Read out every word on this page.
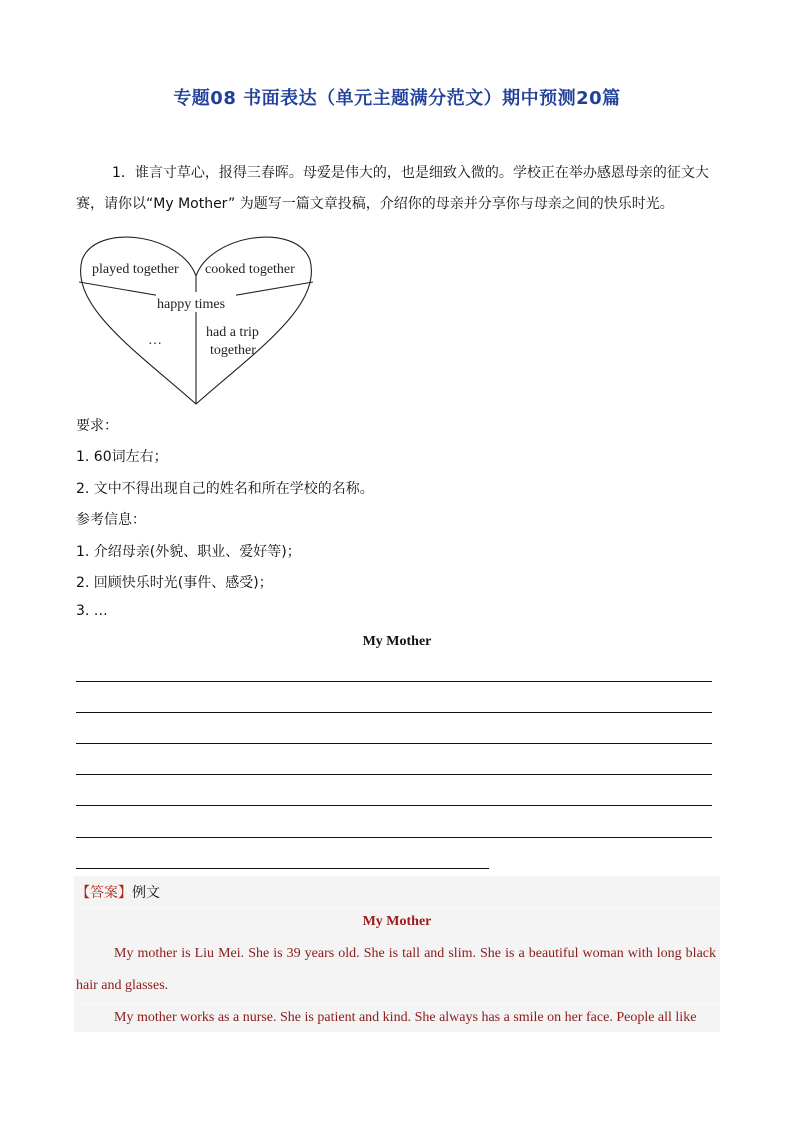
专题08 书面表达（单元主题满分范文）期中预测20篇
1．谁言寸草心，报得三春晖。母爱是伟大的，也是细致入微的。学校正在举办感恩母亲的征文大赛，请你以“My Mother” 为题写一篇文章投稿，介绍你的母亲并分享你与母亲之间的快乐时光。
played together cooked together
happy times
…
had a trip
together
要求：
1. 60词左右；
2. 文中不得出现自己的姓名和所在学校的名称。
参考信息：
1. 介绍母亲(外貌、职业、爱好等)；
2. 回顾快乐时光(事件、感受)；
3. …
My Mother
【答案】例文
My Mother
My mother is Liu Mei. She is 39 years old. She is tall and slim. She is a beautiful woman with long black hair and glasses.
My mother works as a nurse. She is patient and kind. She always has a smile on her face. People all like
